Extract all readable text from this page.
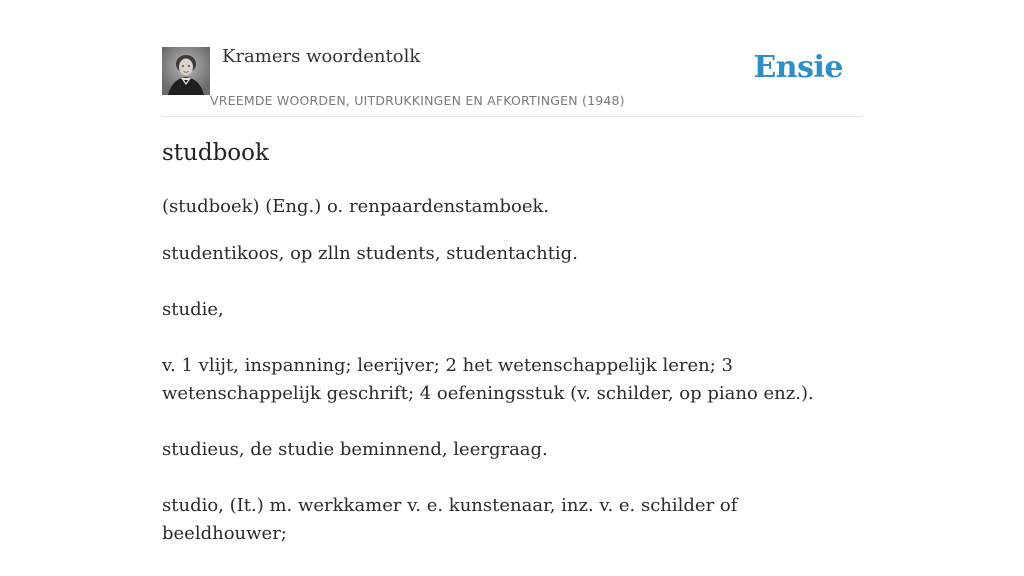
Kramers woordentolk
VREEMDE WOORDEN, UITDRUKKINGEN EN AFKORTINGEN (1948)
Ensie
studbook

(studboek) (Eng.) o. renpaardenstamboek.

studentikoos, op zlln students, studentachtig.

studie,

v. 1 vlijt, inspanning; leerijver; 2 het wetenschappelijk leren; 3 wetenschappelijk geschrift; 4 oefeningsstuk (v. schilder, op piano enz.).

studieus, de studie beminnend, leergraag.

studio, (It.) m. werkkamer v. e. kunstenaar, inz. v. e. schilder of beeldhouwer;
